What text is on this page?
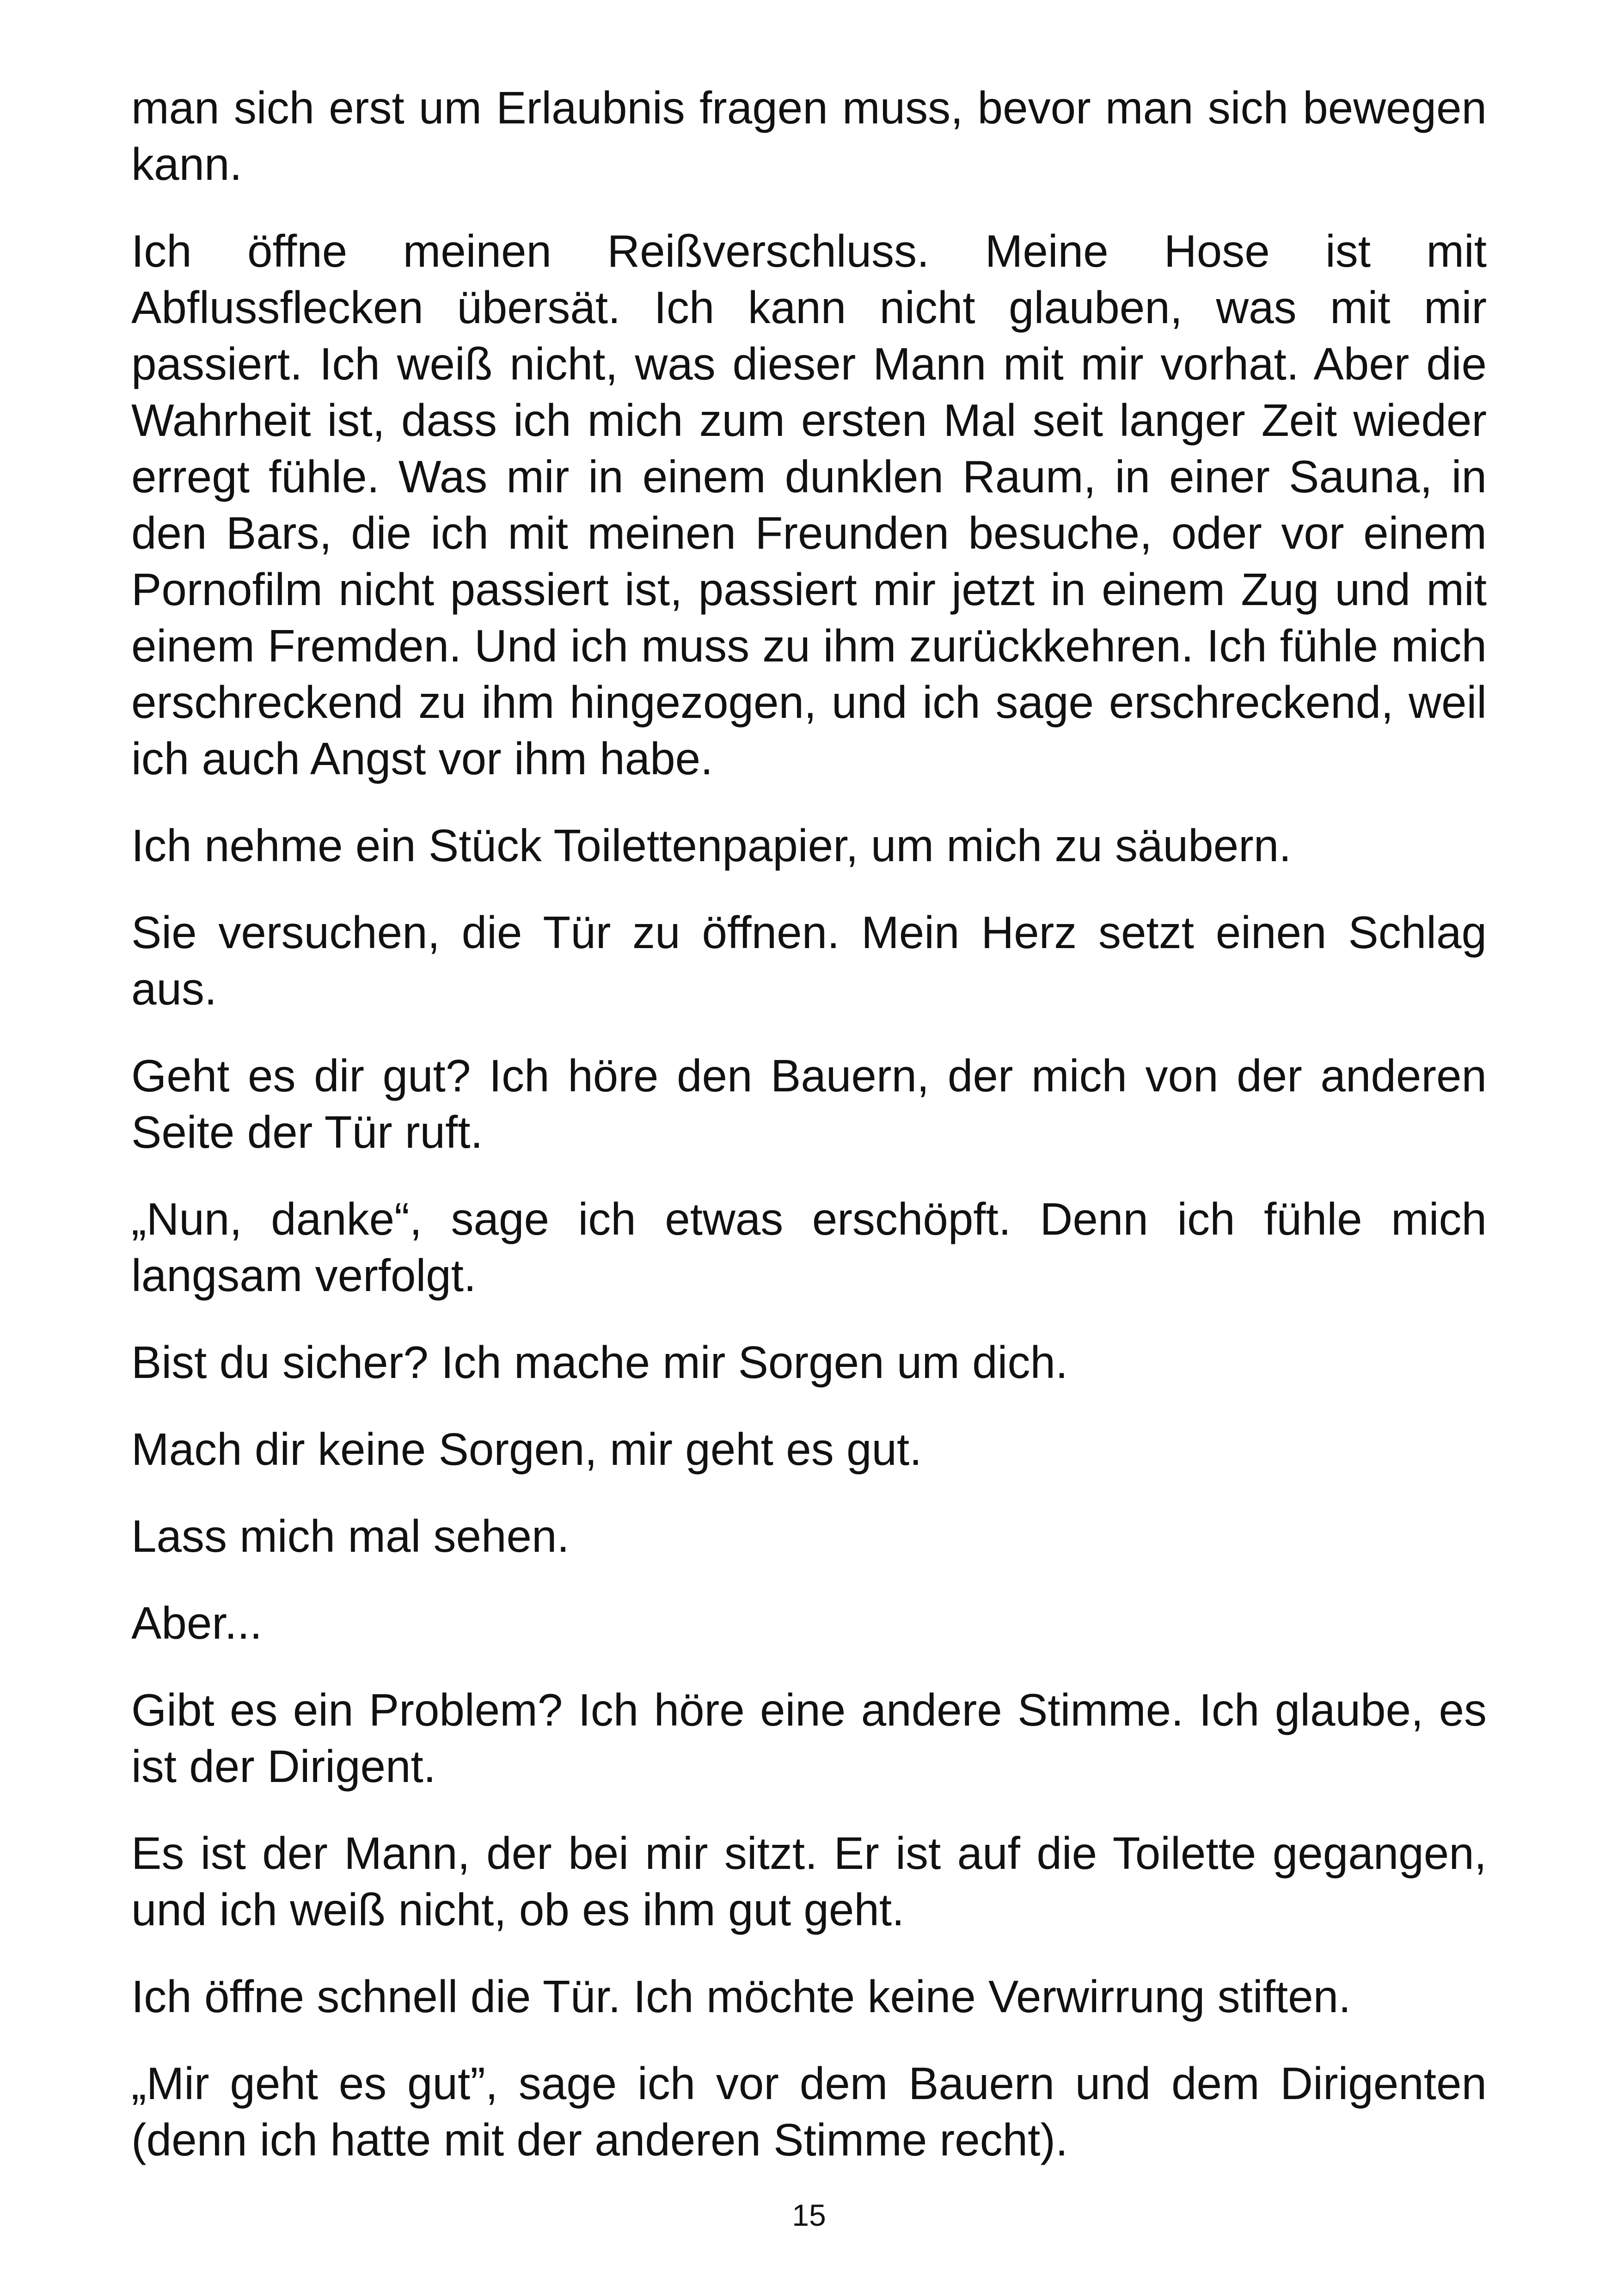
man sich erst um Erlaubnis fragen muss, bevor man sich bewegen kann.

Ich öffne meinen Reißverschluss. Meine Hose ist mit Abflussflecken übersät. Ich kann nicht glauben, was mit mir passiert. Ich weiß nicht, was dieser Mann mit mir vorhat. Aber die Wahrheit ist, dass ich mich zum ersten Mal seit langer Zeit wieder erregt fühle. Was mir in einem dunklen Raum, in einer Sauna, in den Bars, die ich mit meinen Freunden besuche, oder vor einem Pornofilm nicht passiert ist, passiert mir jetzt in einem Zug und mit einem Fremden. Und ich muss zu ihm zurückkehren. Ich fühle mich erschreckend zu ihm hingezogen, und ich sage erschreckend, weil ich auch Angst vor ihm habe.

Ich nehme ein Stück Toilettenpapier, um mich zu säubern.

Sie versuchen, die Tür zu öffnen. Mein Herz setzt einen Schlag aus.

Geht es dir gut? Ich höre den Bauern, der mich von der anderen Seite der Tür ruft.

„Nun, danke“, sage ich etwas erschöpft. Denn ich fühle mich langsam verfolgt.

Bist du sicher? Ich mache mir Sorgen um dich.

Mach dir keine Sorgen, mir geht es gut.

Lass mich mal sehen.

Aber...

Gibt es ein Problem? Ich höre eine andere Stimme. Ich glaube, es ist der Dirigent.

Es ist der Mann, der bei mir sitzt. Er ist auf die Toilette gegangen, und ich weiß nicht, ob es ihm gut geht.

Ich öffne schnell die Tür. Ich möchte keine Verwirrung stiften.

„Mir geht es gut”, sage ich vor dem Bauern und dem Dirigenten (denn ich hatte mit der anderen Stimme recht).

15
